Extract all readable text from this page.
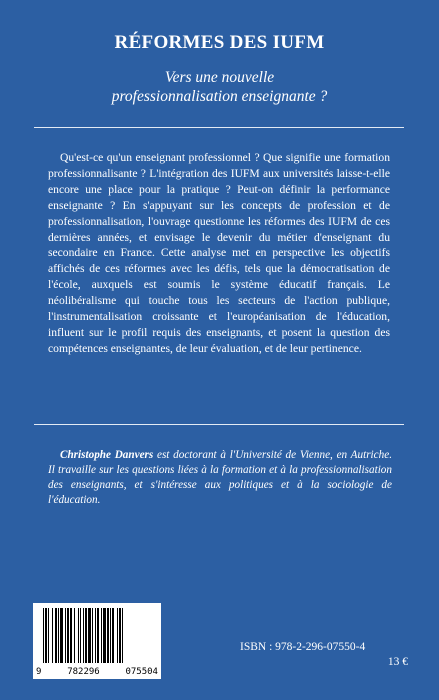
RÉFORMES DES IUFM
Vers une nouvelle
professionnalisation enseignante ?

Qu'est-ce qu'un enseignant professionnel ? Que signifie une formation professionnalisante ? L'intégration des IUFM aux universités laisse-t-elle encore une place pour la pratique ? Peut-on définir la performance enseignante ? En s'appuyant sur les concepts de profession et de professionnalisation, l'ouvrage questionne les réformes des IUFM de ces dernières années, et envisage le devenir du métier d'enseignant du secondaire en France. Cette analyse met en perspective les objectifs affichés de ces réformes avec les défis, tels que la démocratisation de l'école, auxquels est soumis le système éducatif français. Le néolibéralisme qui touche tous les secteurs de l'action publique, l'instrumentalisation croissante et l'européanisation de l'éducation, influent sur le profil requis des enseignants, et posent la question des compétences enseignantes, de leur évaluation, et de leur pertinence.

Christophe Danvers est doctorant à l'Université de Vienne, en Autriche. Il travaille sur les questions liées à la formation et à la professionnalisation des enseignants, et s'intéresse aux politiques et à la sociologie de l'éducation.
9	782296	075504
ISBN : 978-2-296-07550-4
13 €
